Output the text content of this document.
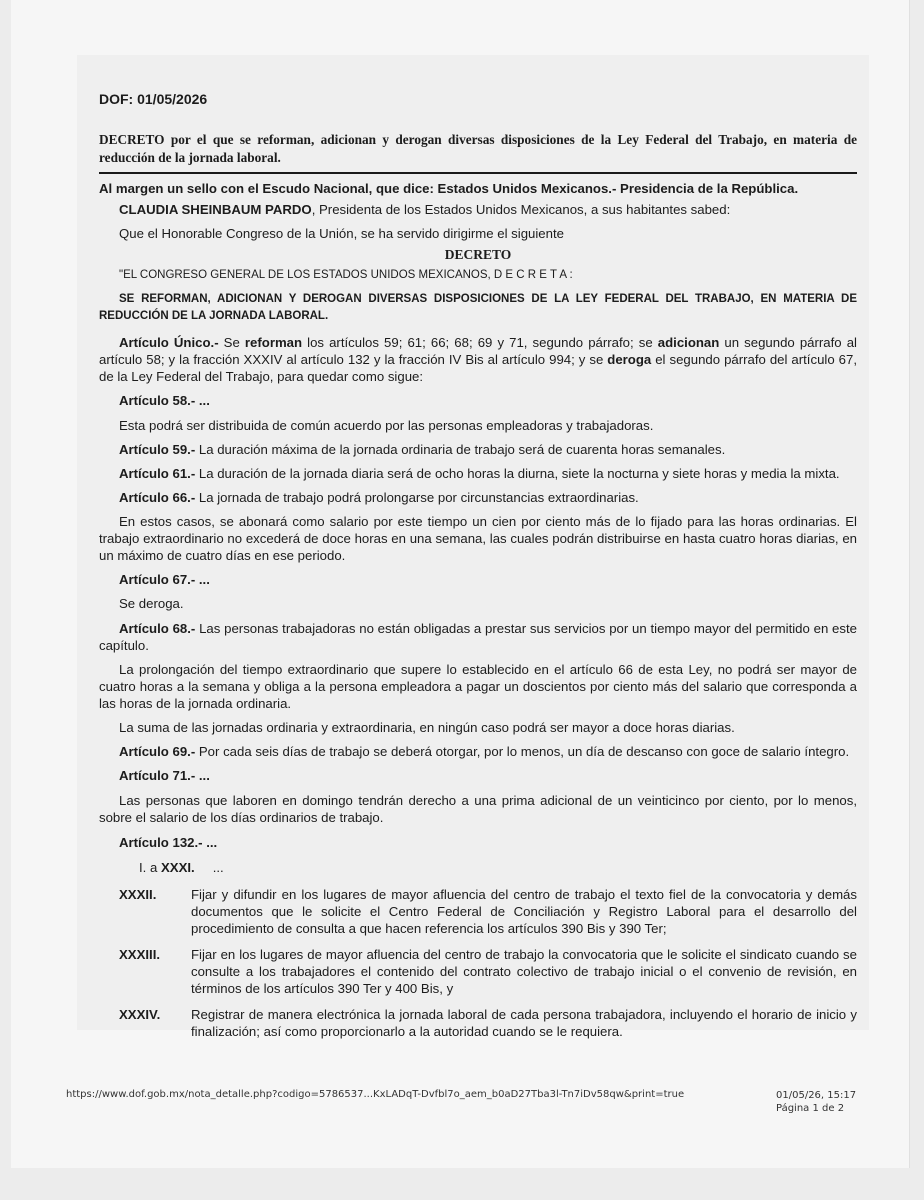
DOF: 01/05/2026
DECRETO por el que se reforman, adicionan y derogan diversas disposiciones de la Ley Federal del Trabajo, en materia de reducción de la jornada laboral.

Al margen un sello con el Escudo Nacional, que dice: Estados Unidos Mexicanos.- Presidencia de la República.

CLAUDIA SHEINBAUM PARDO, Presidenta de los Estados Unidos Mexicanos, a sus habitantes sabed:

Que el Honorable Congreso de la Unión, se ha servido dirigirme el siguiente

DECRETO

"EL CONGRESO GENERAL DE LOS ESTADOS UNIDOS MEXICANOS, D E C R E T A :

SE REFORMAN, ADICIONAN Y DEROGAN DIVERSAS DISPOSICIONES DE LA LEY FEDERAL DEL TRABAJO, EN MATERIA DE REDUCCIÓN DE LA JORNADA LABORAL.

Artículo Único.- Se reforman los artículos 59; 61; 66; 68; 69 y 71, segundo párrafo; se adicionan un segundo párrafo al artículo 58; y la fracción XXXIV al artículo 132 y la fracción IV Bis al artículo 994; y se deroga el segundo párrafo del artículo 67, de la Ley Federal del Trabajo, para quedar como sigue:

Artículo 58.- ...

Esta podrá ser distribuida de común acuerdo por las personas empleadoras y trabajadoras.

Artículo 59.- La duración máxima de la jornada ordinaria de trabajo será de cuarenta horas semanales.

Artículo 61.- La duración de la jornada diaria será de ocho horas la diurna, siete la nocturna y siete horas y media la mixta.

Artículo 66.- La jornada de trabajo podrá prolongarse por circunstancias extraordinarias.

En estos casos, se abonará como salario por este tiempo un cien por ciento más de lo fijado para las horas ordinarias. El trabajo extraordinario no excederá de doce horas en una semana, las cuales podrán distribuirse en hasta cuatro horas diarias, en un máximo de cuatro días en ese periodo.

Artículo 67.- ...

Se deroga.

Artículo 68.- Las personas trabajadoras no están obligadas a prestar sus servicios por un tiempo mayor del permitido en este capítulo.

La prolongación del tiempo extraordinario que supere lo establecido en el artículo 66 de esta Ley, no podrá ser mayor de cuatro horas a la semana y obliga a la persona empleadora a pagar un doscientos por ciento más del salario que corresponda a las horas de la jornada ordinaria.

La suma de las jornadas ordinaria y extraordinaria, en ningún caso podrá ser mayor a doce horas diarias.

Artículo 69.- Por cada seis días de trabajo se deberá otorgar, por lo menos, un día de descanso con goce de salario íntegro.

Artículo 71.- ...

Las personas que laboren en domingo tendrán derecho a una prima adicional de un veinticinco por ciento, por lo menos, sobre el salario de los días ordinarios de trabajo.

Artículo 132.- ...

I. a XXXI. ...

XXXII.	Fijar y difundir en los lugares de mayor afluencia del centro de trabajo el texto fiel de la convocatoria y demás documentos que le solicite el Centro Federal de Conciliación y Registro Laboral para el desarrollo del procedimiento de consulta a que hacen referencia los artículos 390 Bis y 390 Ter;

XXXIII. Fijar en los lugares de mayor afluencia del centro de trabajo la convocatoria que le solicite el sindicato cuando se consulte a los trabajadores el contenido del contrato colectivo de trabajo inicial o el convenio de revisión, en términos de los artículos 390 Ter y 400 Bis, y

XXXIV. Registrar de manera electrónica la jornada laboral de cada persona trabajadora, incluyendo el horario de inicio y finalización; así como proporcionarlo a la autoridad cuando se le requiera.

https://www.dof.gob.mx/nota_detalle.php?codigo=5786537...KxLADqT-Dvfbl7o_aem_b0aD27Tba3l-Tn7iDv58qw&print=true	01/05/26, 15:17
Página 1 de 2
